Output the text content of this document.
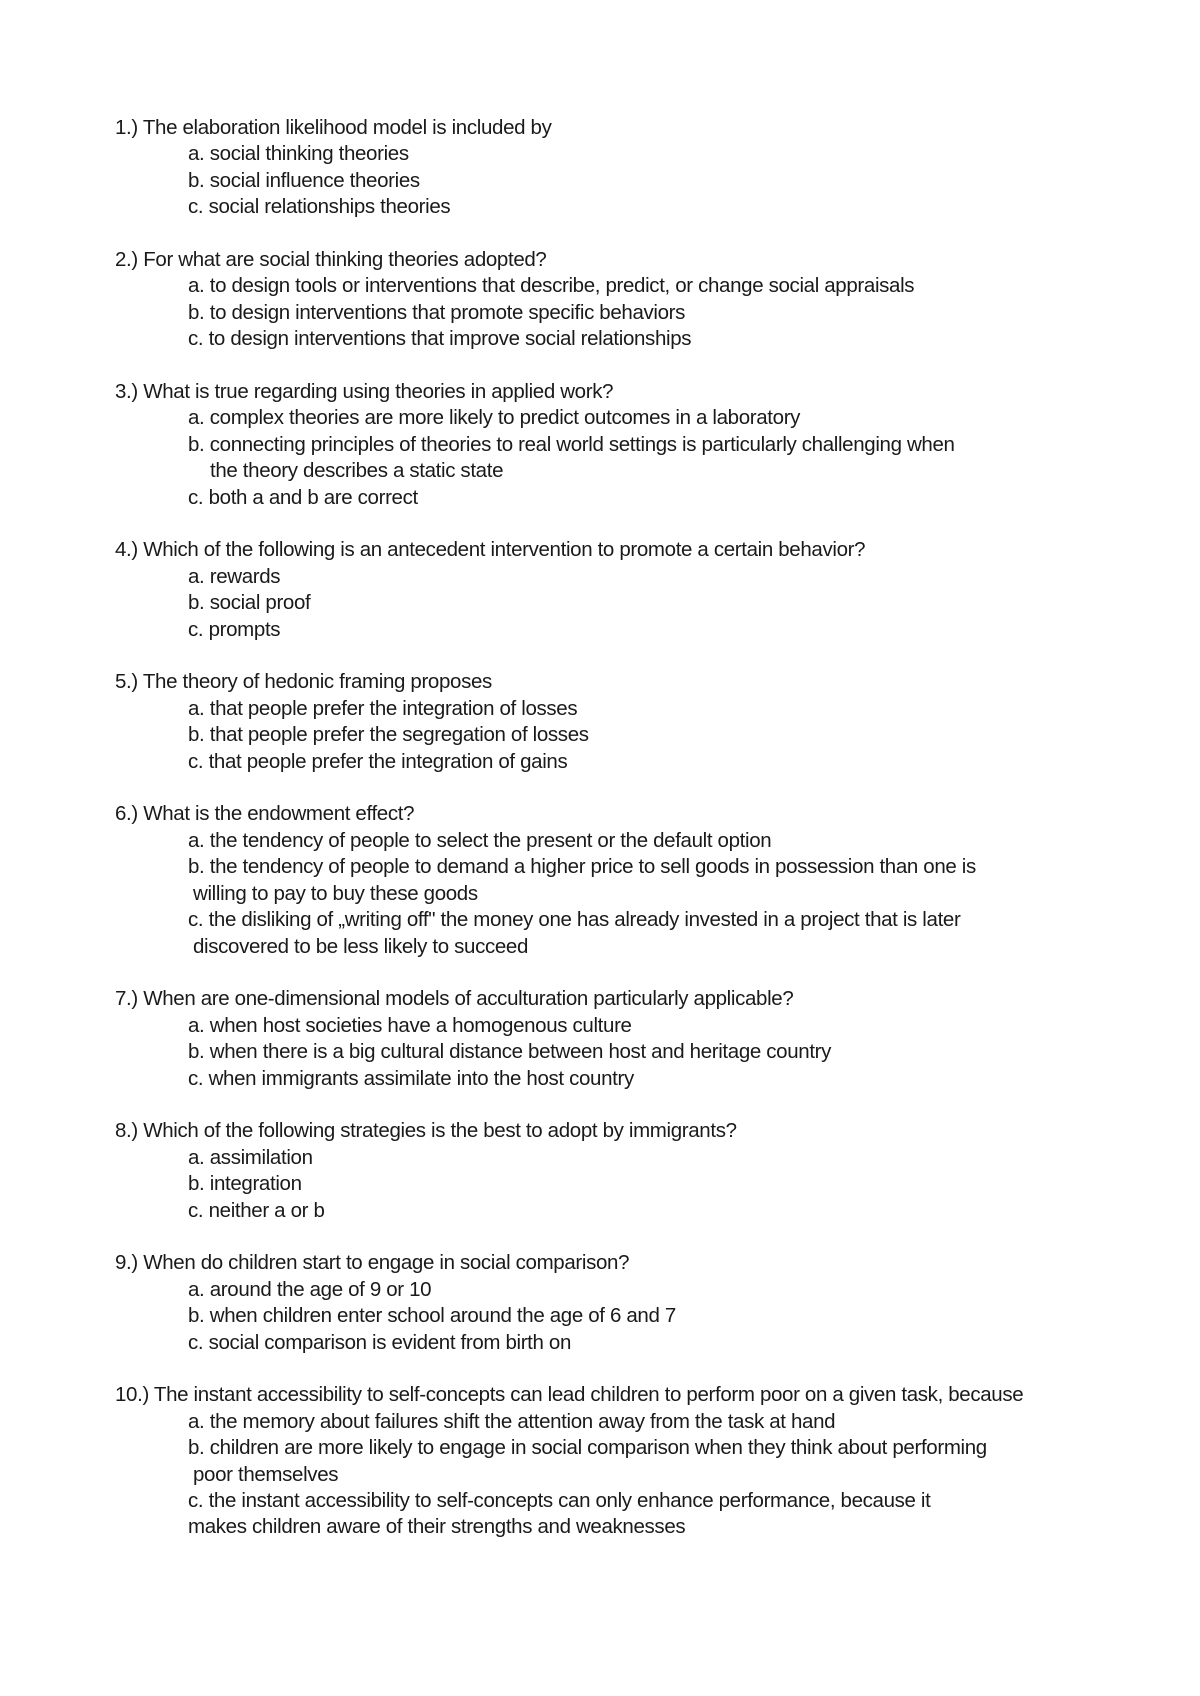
1.) The elaboration likelihood model is included by
a. social thinking theories
b. social influence theories
c. social relationships theories
2.) For what are social thinking theories adopted?
a. to design tools or interventions that describe, predict, or change social appraisals
b. to design interventions that promote specific behaviors
c. to design interventions that improve social relationships
3.) What is true regarding using theories in applied work?
a. complex theories are more likely to predict outcomes in a laboratory
b. connecting principles of theories to real world settings is particularly challenging when
the theory describes a static state
c. both a and b are correct
4.) Which of the following is an antecedent intervention to promote a certain behavior?
a. rewards
b. social proof
c. prompts
5.) The theory of hedonic framing proposes
a. that people prefer the integration of losses
b. that people prefer the segregation of losses
c. that people prefer the integration of gains
6.) What is the endowment effect?
a. the tendency of people to select the present or the default option
b. the tendency of people to demand a higher price to sell goods in possession than one is
willing to pay to buy these goods
c. the disliking of „writing off" the money one has already invested in a project that is later
discovered to be less likely to succeed
7.) When are one-dimensional models of acculturation particularly applicable?
a. when host societies have a homogenous culture
b. when there is a big cultural distance between host and heritage country
c. when immigrants assimilate into the host country
8.) Which of the following strategies is the best to adopt by immigrants?
a. assimilation
b. integration
c. neither a or b
9.) When do children start to engage in social comparison?
a. around the age of 9 or 10
b. when children enter school around the age of 6 and 7
c. social comparison is evident from birth on
10.) The instant accessibility to self-concepts can lead children to perform poor on a given task, because
a. the memory about failures shift the attention away from the task at hand
b. children are more likely to engage in social comparison when they think about performing
poor themselves
c. the instant accessibility to self-concepts can only enhance performance, because it
makes children aware of their strengths and weaknesses
